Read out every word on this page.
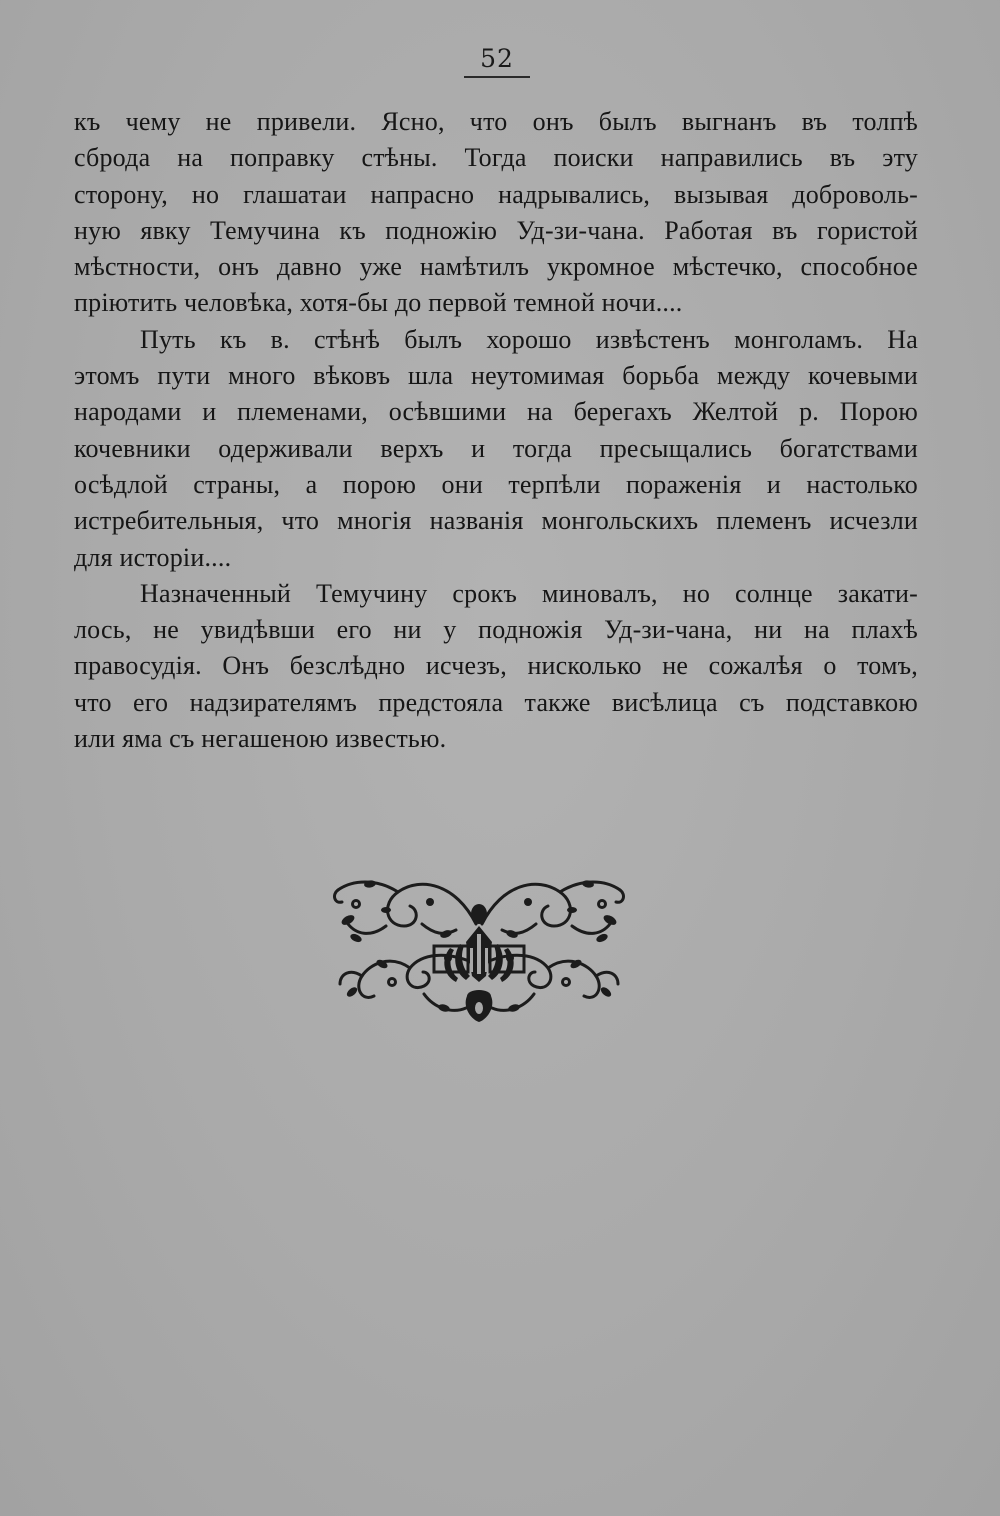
52
къ чему не привели. Ясно, что онъ былъ выгнанъ въ толпѣ
сброда на поправку стѣны. Тогда поиски направились въ эту
сторону, но глашатаи напрасно надрывались, вызывая доброволь-
ную явку Темучина къ подножію Уд-зи-чана. Работая въ гористой
мѣстности, онъ давно уже намѣтилъ укромное мѣстечко, способное
пріютить человѣка, хотя-бы до первой темной ночи....
Путь къ в. стѣнѣ былъ хорошо извѣстенъ монголамъ. На
этомъ пути много вѣковъ шла неутомимая борьба между кочевыми
народами и племенами, осѣвшими на берегахъ Желтой р. Порою
кочевники одерживали верхъ и тогда пресыщались богатствами
осѣдлой страны, а порою они терпѣли пораженія и настолько
истребительныя, что многія названія монгольскихъ племенъ исчезли
для исторіи....
Назначенный Темучину срокъ миновалъ, но солнце закати-
лось, не увидѣвши его ни у подножія Уд-зи-чана, ни на плахѣ
правосудія. Онъ безслѣдно исчезъ, нисколько не сожалѣя о томъ,
что его надзирателямъ предстояла также висѣлица съ подставкою
или яма съ негашеною известью.
